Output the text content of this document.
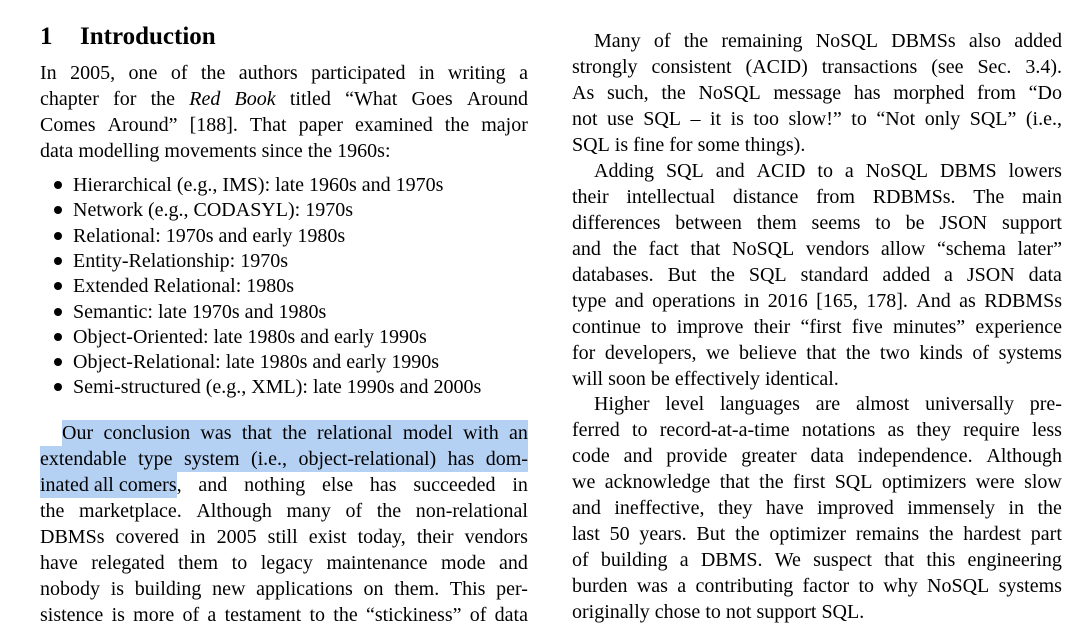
1 Introduction
In 2005, one of the authors participated in writing a
chapter for the Red Book titled “What Goes Around
Comes Around” [188]. That paper examined the major
data modelling movements since the 1960s:
Hierarchical (e.g., IMS): late 1960s and 1970s
Network (e.g., CODASYL): 1970s
Relational: 1970s and early 1980s
Entity-Relationship: 1970s
Extended Relational: 1980s
Semantic: late 1970s and 1980s
Object-Oriented: late 1980s and early 1990s
Object-Relational: late 1980s and early 1990s
Semi-structured (e.g., XML): late 1990s and 2000s
Our conclusion was that the relational model with an
extendable type system (i.e., object-relational) has dom-
inated all comers , and nothing else has succeeded in
the marketplace. Although many of the non-relational
DBMSs covered in 2005 still exist today, their vendors
have relegated them to legacy maintenance mode and
nobody is building new applications on them. This per-
sistence is more of a testament to the “stickiness” of data
Many of the remaining NoSQL DBMSs also added
strongly consistent (ACID) transactions (see Sec. 3.4).
As such, the NoSQL message has morphed from “Do
not use SQL – it is too slow!” to “Not only SQL” (i.e.,
SQL is fine for some things).
Adding SQL and ACID to a NoSQL DBMS lowers
their intellectual distance from RDBMSs. The main
differences between them seems to be JSON support
and the fact that NoSQL vendors allow “schema later”
databases. But the SQL standard added a JSON data
type and operations in 2016 [165, 178]. And as RDBMSs
continue to improve their “first five minutes” experience
for developers, we believe that the two kinds of systems
will soon be effectively identical.
Higher level languages are almost universally pre-
ferred to record-at-a-time notations as they require less
code and provide greater data independence. Although
we acknowledge that the first SQL optimizers were slow
and ineffective, they have improved immensely in the
last 50 years. But the optimizer remains the hardest part
of building a DBMS. We suspect that this engineering
burden was a contributing factor to why NoSQL systems
originally chose to not support SQL.
